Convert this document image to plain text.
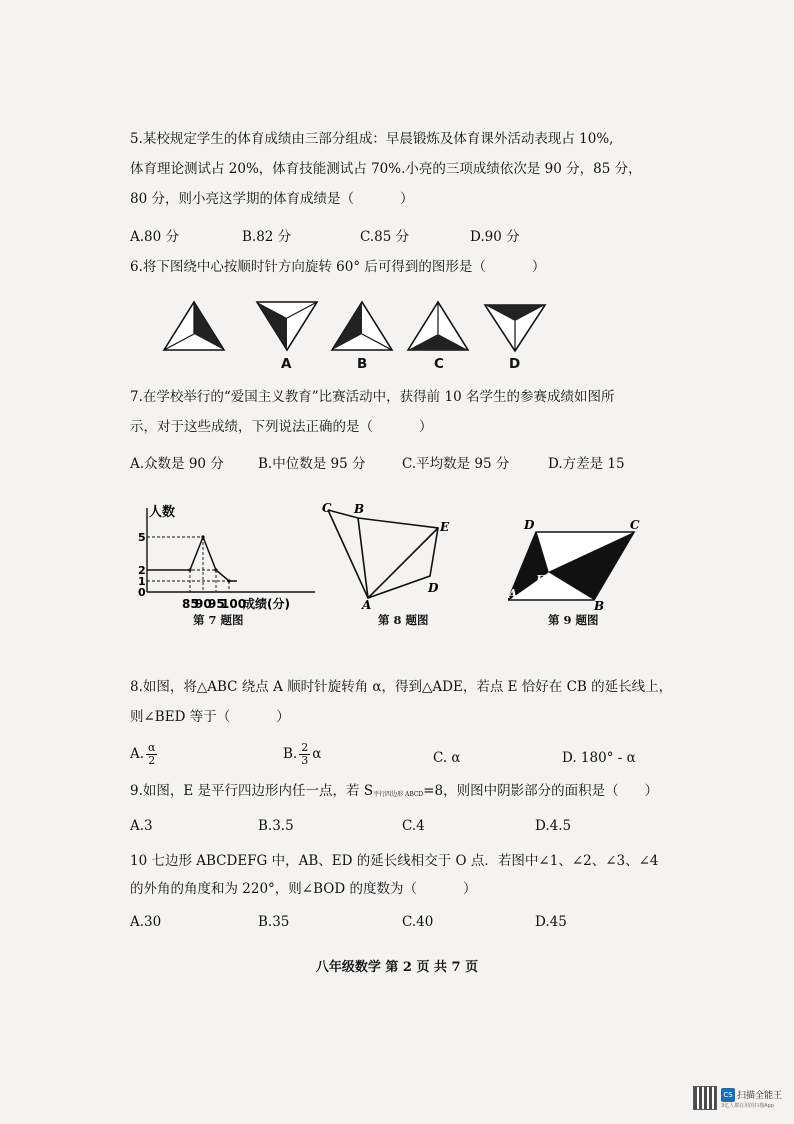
5.某校规定学生的体育成绩由三部分组成：早晨锻炼及体育课外活动表现占 10%,
体育理论测试占 20%，体育技能测试占 70%.小亮的三项成绩依次是 90 分，85 分，
80 分，则小亮这学期的体育成绩是（	）
A.80 分	B.82 分	C.85 分	D.90 分
6.将下图绕中心按顺时针方向旋转 60° 后可得到的图形是（	）
A	B	C	D
7.在学校举行的“爱国主义教育”比赛活动中，获得前 10 名学生的参赛成绩如图所
示，对于这些成绩，下列说法正确的是（	）
A.众数是 90 分	B.中位数是 95 分	C.平均数是 95 分	D.方差是 15
人数
0
1
2
5
85
90
95
100
成绩(分)
第 7 题图
C B
E
D
A
第 8 题图
D	C
E
A
B
第 9 题图
8.如图，将△ABC 绕点 A 顺时针旋转角 α，得到△ADE，若点 E 恰好在 CB 的延长线上，
则∠BED 等于（	）
A. $\frac{\alpha}{2}$	B. $\frac{2}{3}$ α	C. α	D. 180° - α
9.如图，E 是平行四边形内任一点，若 S平行四边形 ABCD=8，则图中阴影部分的面积是（ ）
A.3	B.3.5	C.4	D.4.5
10 七边形 ABCDEFG 中，AB、ED 的延长线相交于 O 点．若图中∠1、∠2、∠3、∠4
的外角的角度和为 220°，则∠BOD 的度数为（	）
A.30	B.35	C.40	D.45
八年级数学 第 2 页 共 7 页
CS 扫描全能王
3亿人都在用的扫描App
